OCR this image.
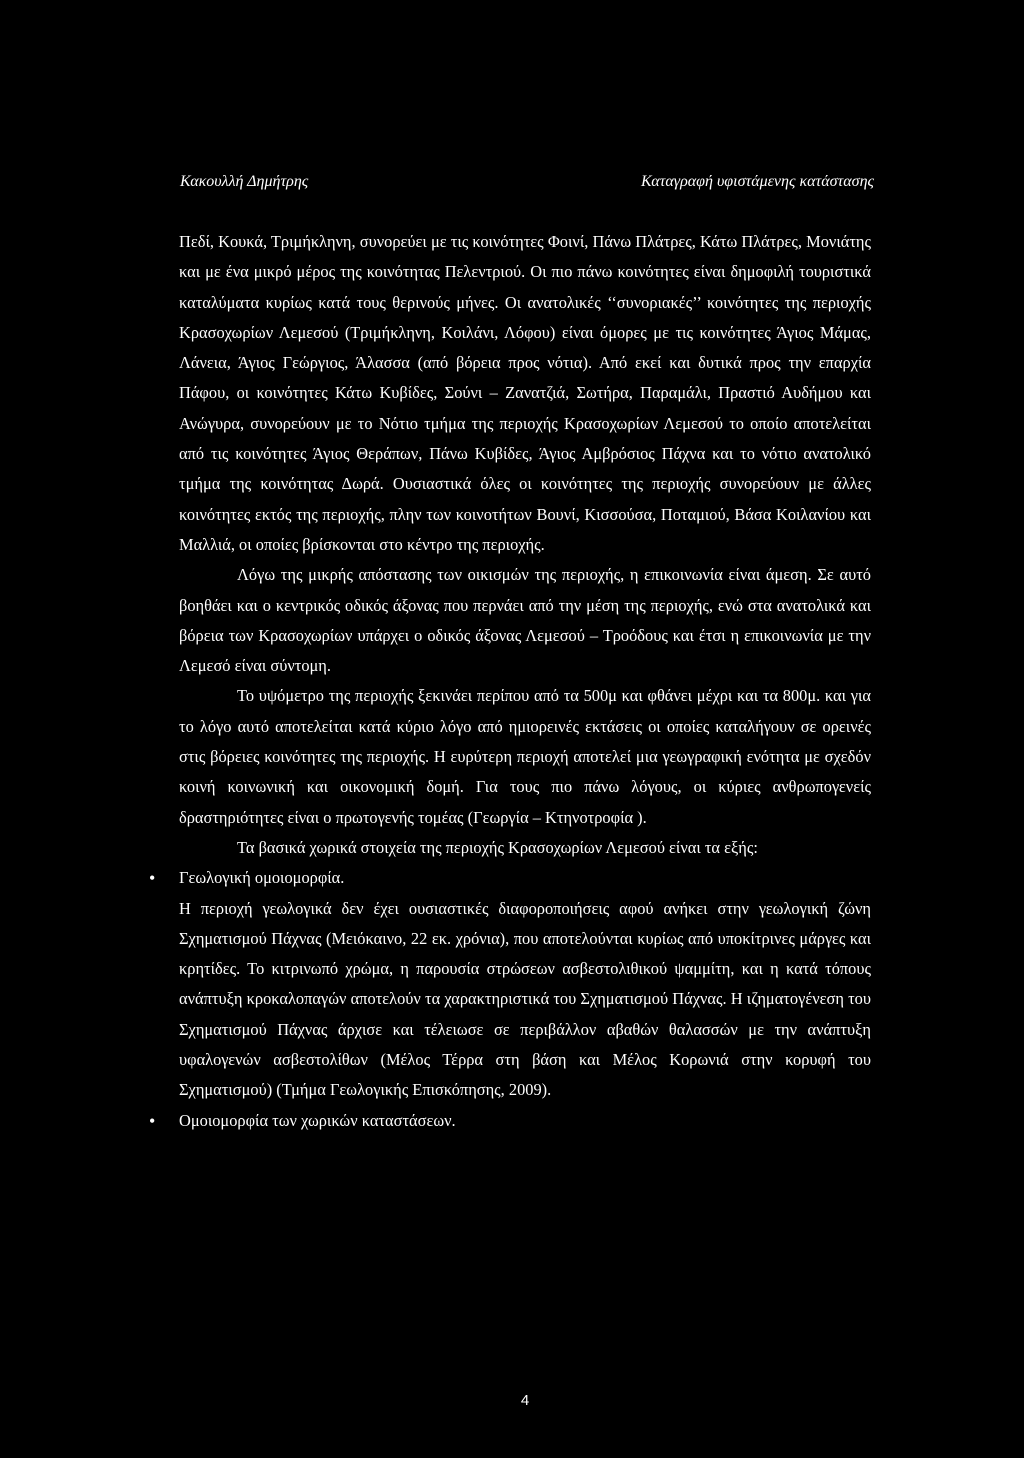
Κακουλλή Δημήτρης	Καταγραφή υφιστάμενης κατάστασης

Πεδί, Κουκά, Τριμήκληνη, συνορεύει με τις κοινότητες Φοινί, Πάνω Πλάτρες, Κάτω Πλάτρες, Μονιάτης και με ένα μικρό μέρος της κοινότητας Πελεντριού. Οι πιο πάνω κοινότητες είναι δημοφιλή τουριστικά καταλύματα κυρίως κατά τους θερινούς μήνες. Οι ανατολικές ‘‘συνοριακές’’ κοινότητες της περιοχής Κρασοχωρίων Λεμεσού (Τριμήκληνη, Κοιλάνι, Λόφου) είναι όμορες με τις κοινότητες Άγιος Μάμας, Λάνεια, Άγιος Γεώργιος, Άλασσα (από βόρεια προς νότια). Από εκεί και δυτικά προς την επαρχία Πάφου, οι κοινότητες Κάτω Κυβίδες, Σούνι – Ζανατζιά, Σωτήρα, Παραμάλι, Πραστιό Αυδήμου και Ανώγυρα, συνορεύουν με το Νότιο τμήμα της περιοχής Κρασοχωρίων Λεμεσού το οποίο αποτελείται από τις κοινότητες Άγιος Θεράπων, Πάνω Κυβίδες, Άγιος Αμβρόσιος Πάχνα και το νότιο ανατολικό τμήμα της κοινότητας Δωρά. Ουσιαστικά όλες οι κοινότητες της περιοχής συνορεύουν με άλλες κοινότητες εκτός της περιοχής, πλην των κοινοτήτων Βουνί, Κισσούσα, Ποταμιού, Βάσα Κοιλανίου και Μαλλιά, οι οποίες βρίσκονται στο κέντρο της περιοχής.

Λόγω της μικρής απόστασης των οικισμών της περιοχής, η επικοινωνία είναι άμεση. Σε αυτό βοηθάει και ο κεντρικός οδικός άξονας που περνάει από την μέση της περιοχής, ενώ στα ανατολικά και βόρεια των Κρασοχωρίων υπάρχει ο οδικός άξονας Λεμεσού – Τροόδους και έτσι η επικοινωνία με την Λεμεσό είναι σύντομη.

Το υψόμετρο της περιοχής ξεκινάει περίπου από τα 500μ και φθάνει μέχρι και τα 800μ. και για το λόγο αυτό αποτελείται κατά κύριο λόγο από ημιορεινές εκτάσεις οι οποίες καταλήγουν σε ορεινές στις βόρειες κοινότητες της περιοχής. Η ευρύτερη περιοχή αποτελεί μια γεωγραφική ενότητα με σχεδόν κοινή κοινωνική και οικονομική δομή. Για τους πιο πάνω λόγους, οι κύριες ανθρωπογενείς δραστηριότητες είναι ο πρωτογενής τομέας (Γεωργία – Κτηνοτροφία ).

Τα βασικά χωρικά στοιχεία της περιοχής Κρασοχωρίων Λεμεσού είναι τα εξής:

• Γεωλογική ομοιομορφία.

Η περιοχή γεωλογικά δεν έχει ουσιαστικές διαφοροποιήσεις αφού ανήκει στην γεωλογική ζώνη Σχηματισμού Πάχνας (Μειόκαινο, 22 εκ. χρόνια), που αποτελούνται κυρίως από υποκίτρινες μάργες και κρητίδες. Το κιτρινωπό χρώμα, η παρουσία στρώσεων ασβεστολιθικού ψαμμίτη, και η κατά τόπους ανάπτυξη κροκαλοπαγών αποτελούν τα χαρακτηριστικά του Σχηματισμού Πάχνας. Η ιζηματογένεση του Σχηματισμού Πάχνας άρχισε και τέλειωσε σε περιβάλλον αβαθών θαλασσών με την ανάπτυξη υφαλογενών ασβεστολίθων (Μέλος Τέρρα στη βάση και Μέλος Κορωνιά στην κορυφή του Σχηματισμού) (Τμήμα Γεωλογικής Επισκόπησης, 2009).

• Ομοιομορφία των χωρικών καταστάσεων.

4
